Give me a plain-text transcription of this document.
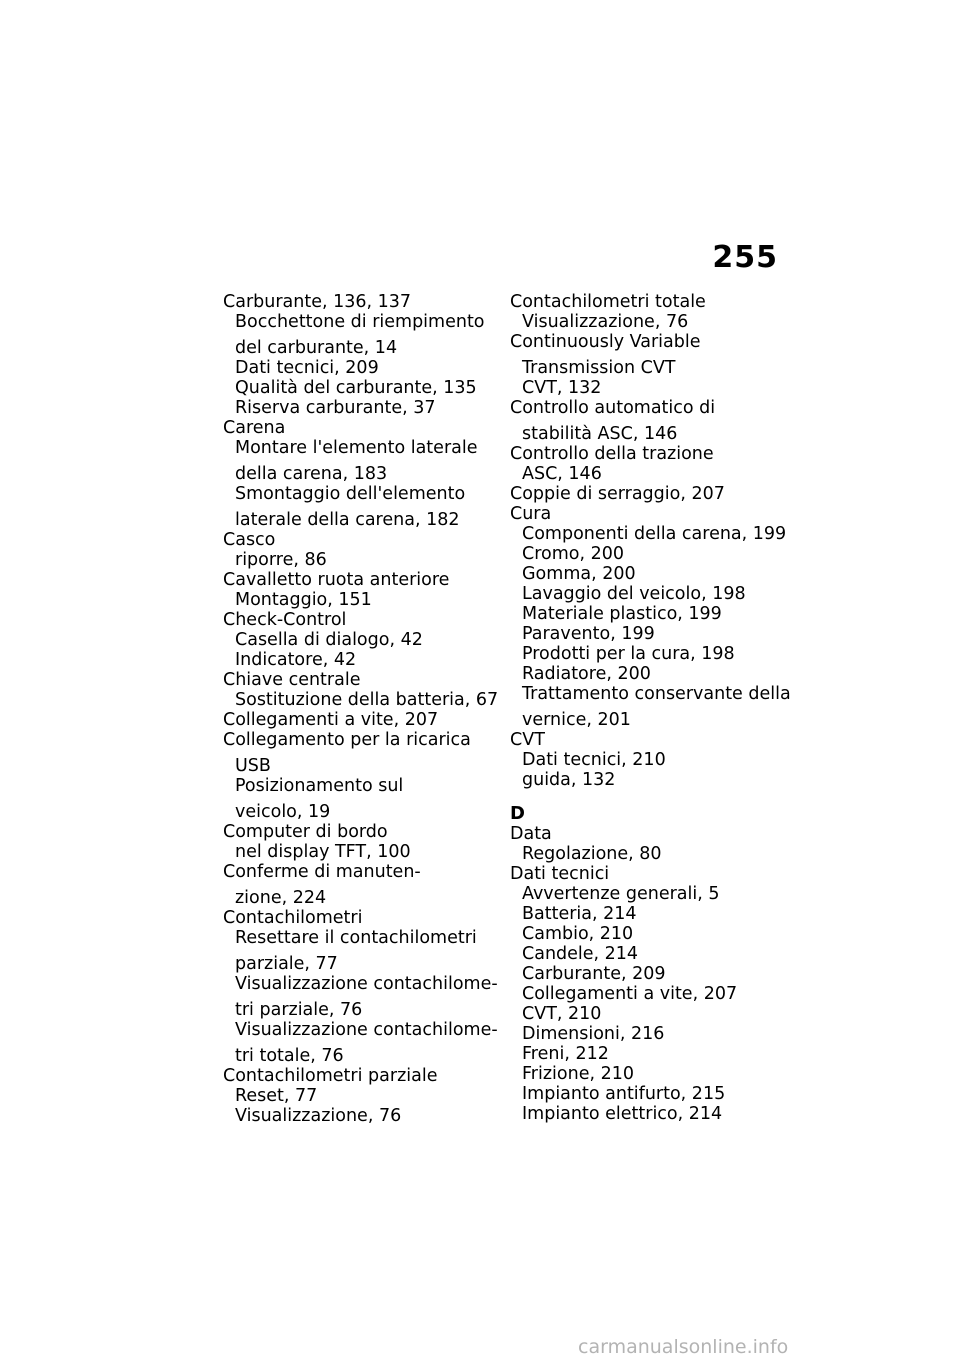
255
Carburante, 136, 137
Bocchettone di riempimento
del carburante, 14
Dati tecnici, 209
Qualità del carburante, 135
Riserva carburante, 37
Carena
Montare l'elemento laterale
della carena, 183
Smontaggio dell'elemento
laterale della carena, 182
Casco
riporre, 86
Cavalletto ruota anteriore
Montaggio, 151
Check-Control
Casella di dialogo, 42
Indicatore, 42
Chiave centrale
Sostituzione della batteria, 67
Collegamenti a vite, 207
Collegamento per la ricarica
USB
Posizionamento sul
veicolo, 19
Computer di bordo
nel display TFT, 100
Conferme di manuten-
zione, 224
Contachilometri
Resettare il contachilometri
parziale, 77
Visualizzazione contachilome-
tri parziale, 76
Visualizzazione contachilome-
tri totale, 76
Contachilometri parziale
Reset, 77
Visualizzazione, 76
Contachilometri totale
Visualizzazione, 76
Continuously Variable
Transmission CVT
CVT, 132
Controllo automatico di
stabilità ASC, 146
Controllo della trazione
ASC, 146
Coppie di serraggio, 207
Cura
Componenti della carena, 199
Cromo, 200
Gomma, 200
Lavaggio del veicolo, 198
Materiale plastico, 199
Paravento, 199
Prodotti per la cura, 198
Radiatore, 200
Trattamento conservante della
vernice, 201
CVT
Dati tecnici, 210
guida, 132
D
Data
Regolazione, 80
Dati tecnici
Avvertenze generali, 5
Batteria, 214
Cambio, 210
Candele, 214
Carburante, 209
Collegamenti a vite, 207
CVT, 210
Dimensioni, 216
Freni, 212
Frizione, 210
Impianto antifurto, 215
Impianto elettrico, 214
carmanualsonline.info
